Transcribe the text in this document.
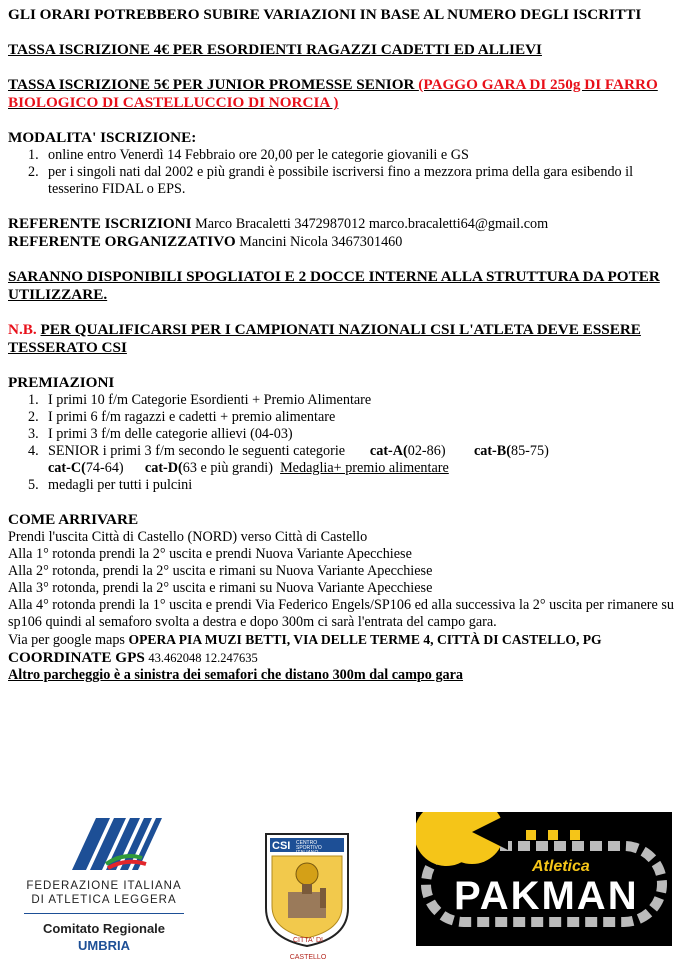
GLI ORARI POTREBBERO SUBIRE VARIAZIONI IN BASE AL NUMERO DEGLI ISCRITTI

TASSA ISCRIZIONE 4€ PER ESORDIENTI RAGAZZI CADETTI ED ALLIEVI

TASSA ISCRIZIONE 5€ PER JUNIOR PROMESSE SENIOR (PAGGO GARA DI 250g DI FARRO BIOLOGICO DI CASTELLUCCIO DI NORCIA )

MODALITA' ISCRIZIONE:

1. online entro Venerdì 14 Febbraio ore 20,00 per le categorie giovanili e GS
2. per i singoli nati dal 2002 e più grandi è possibile iscriversi fino a mezzora prima della gara esibendo il tesserino FIDAL o EPS.

REFERENTE ISCRIZIONI Marco Bracaletti 3472987012 marco.bracaletti64@gmail.com

REFERENTE ORGANIZZATIVO Mancini Nicola 3467301460

SARANNO DISPONIBILI SPOGLIATOI E 2 DOCCE INTERNE ALLA STRUTTURA DA POTER UTILIZZARE.

N.B. PER QUALIFICARSI PER I CAMPIONATI NAZIONALI CSI L'ATLETA DEVE ESSERE TESSERATO CSI

PREMIAZIONI

1. I primi 10 f/m Categorie Esordienti + Premio Alimentare
2. I primi 6 f/m ragazzi e cadetti + premio alimentare
3. I primi 3 f/m delle categorie allievi (04-03)
4. SENIOR i primi 3 f/m secondo le seguenti categorie cat-A(02-86) cat-B(85-75)
cat-C(74-64) cat-D(63 e più grandi) Medaglia+ premio alimentare
5. medagli per tutti i pulcini

COME ARRIVARE

Prendi l'uscita Città di Castello (NORD) verso Città di Castello

Alla 1° rotonda prendi la 2° uscita e prendi Nuova Variante Apecchiese

Alla 2° rotonda, prendi la 2° uscita e rimani su Nuova Variante Apecchiese

Alla 3° rotonda, prendi la 2° uscita e rimani su Nuova Variante Apecchiese

Alla 4° rotonda prendi la 1° uscita e prendi Via Federico Engels/SP106 ed alla successiva la 2° uscita per rimanere su sp106 quindi al semaforo svolta a destra e dopo 300m ci sarà l'entrata del campo gara.

Via per google maps OPERA PIA MUZI BETTI, VIA DELLE TERME 4, CITTÀ DI CASTELLO, PG

COORDINATE GPS 43.462048 12.247635

Altro parcheggio è a sinistra dei semafori che distano 300m dal campo gara

FEDERAZIONE ITALIANA
DI ATLETICA LEGGERA
Comitato Regionale UMBRIA
CSI CENTRO SPORTIVO ITALIANO
CITTA' DI CASTELLO
Atletica
PAKMAN
